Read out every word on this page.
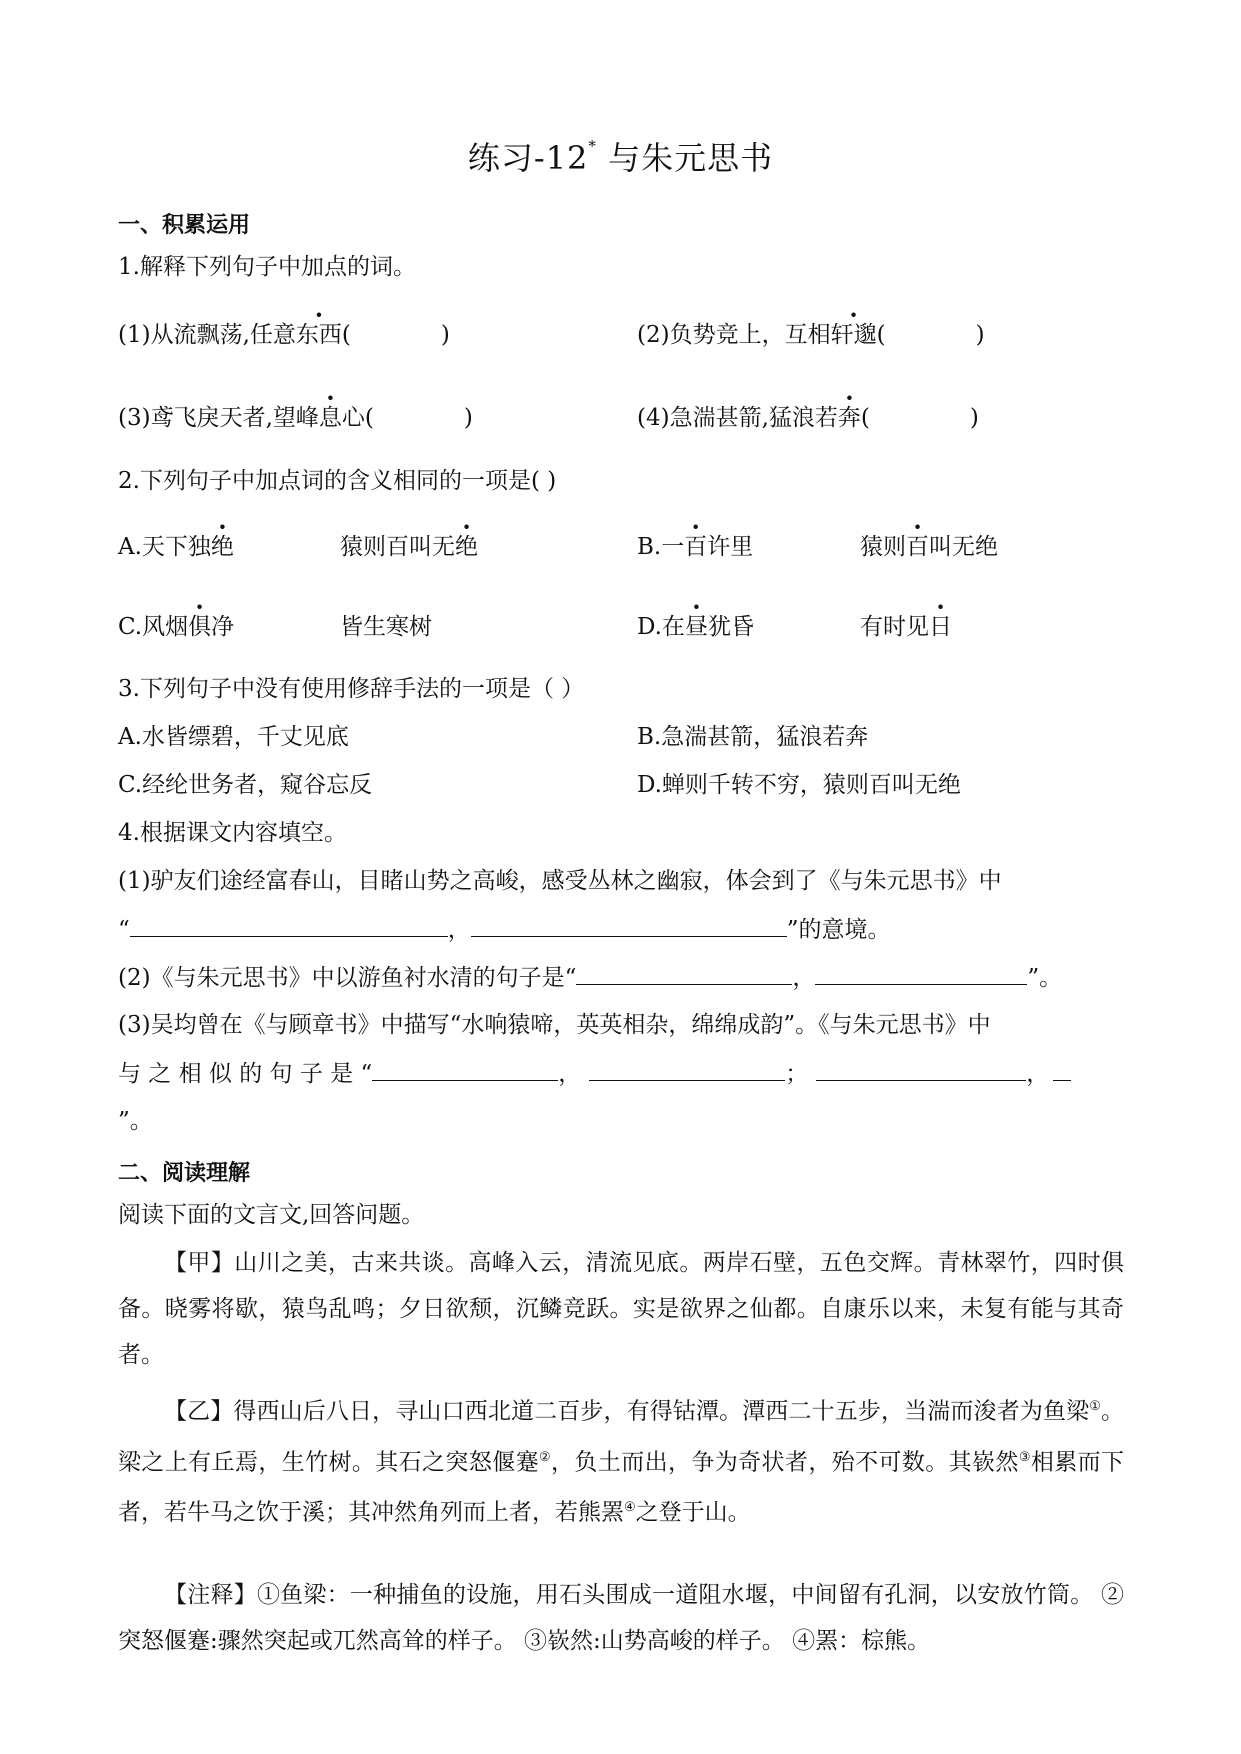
练习-12* 与朱元思书
一、积累运用
1.解释下列句子中加点的词。
(1)从流飘荡,任意东西(	)	(2)负势竞上，互相轩邈(	)
(3)鸢飞戾天者,望峰息心(	)	(4)急湍甚箭,猛浪若奔(	)
2.下列句子中加点词的含义相同的一项是( )
A.天下独绝	猿则百叫无绝	B.一百许里	猿则百叫无绝
C.风烟俱净	皆生寒树	D.在昼犹昏	有时见日
3.下列句子中没有使用修辞手法的一项是（ ）
A.水皆缥碧，千丈见底	B.急湍甚箭，猛浪若奔
C.经纶世务者，窥谷忘反	D.蝉则千转不穷，猿则百叫无绝
4.根据课文内容填空。
(1)驴友们途经富春山，目睹山势之高峻，感受丛林之幽寂，体会到了《与朱元思书》中
“	，	”的意境。
(2)《与朱元思书》中以游鱼衬水清的句子是“	，	”。
(3)吴均曾在《与顾章书》中描写“水响猿啼，英英相杂，绵绵成韵”。《与朱元思书》中
与 之 相 似 的 句 子 是 “	，	；	，
”。
二、阅读理解
阅读下面的文言文,回答问题。
【甲】山川之美，古来共谈。高峰入云，清流见底。两岸石壁，五色交辉。青林翠竹，四时俱备。晓雾将歇，猿鸟乱鸣；夕日欲颓，沉鳞竞跃。实是欲界之仙都。自康乐以来，未复有能与其奇者。
【乙】得西山后八日，寻山口西北道二百步，有得钴潭。潭西二十五步，当湍而浚者为鱼梁①。梁之上有丘焉，生竹树。其石之突怒偃蹇②，负土而出，争为奇状者，殆不可数。其嵚然③相累而下者，若牛马之饮于溪；其冲然角列而上者，若熊罴④之登于山。
【注释】①鱼梁：一种捕鱼的设施，用石头围成一道阻水堰，中间留有孔洞，以安放竹筒。 ②突怒偃蹇:骤然突起或兀然高耸的样子。 ③嵚然:山势高峻的样子。 ④罴：棕熊。
